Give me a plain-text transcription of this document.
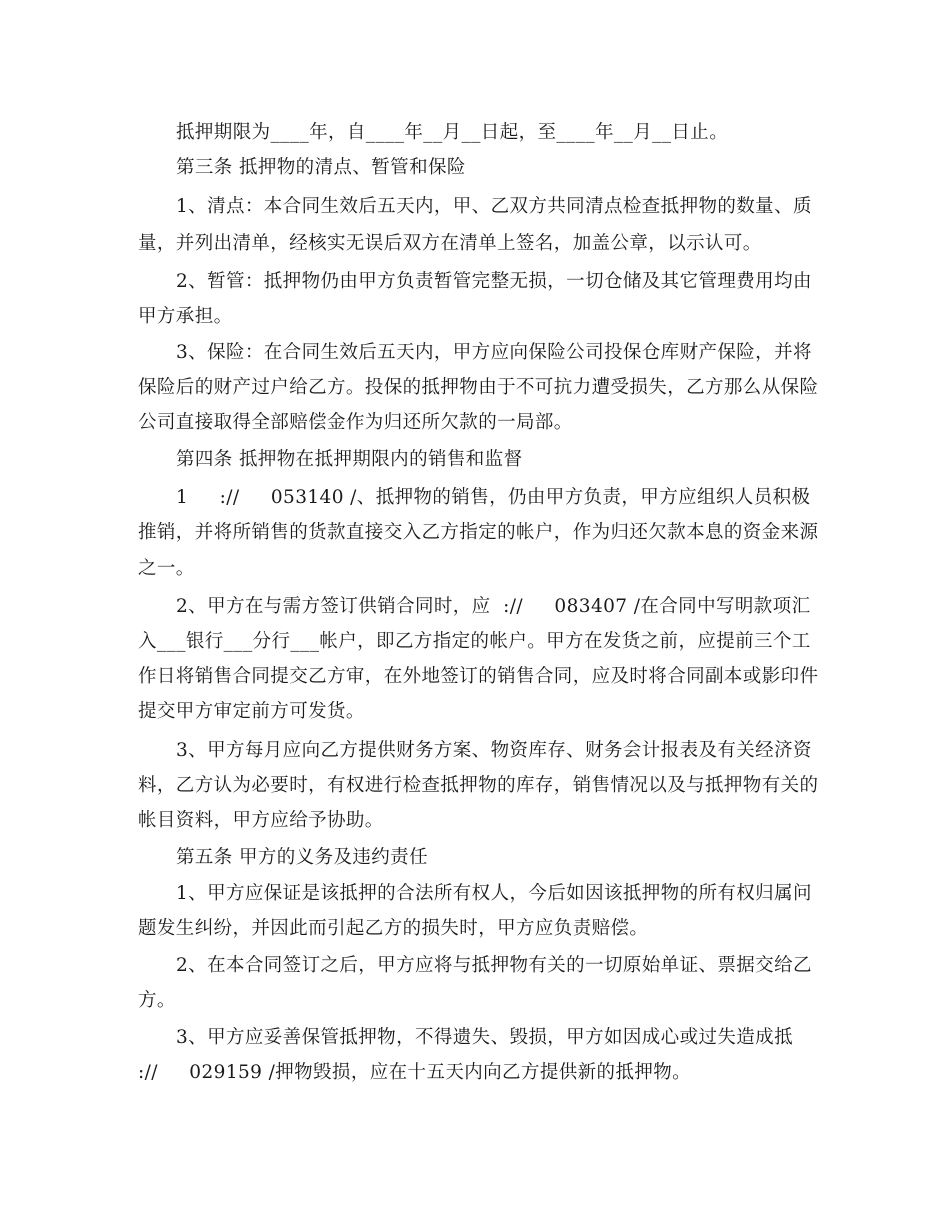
抵押期限为____年，自____年__月__日起，至____年__月__日止。

第三条 抵押物的清点、暂管和保险

1、清点：本合同生效后五天内，甲、乙双方共同清点检查抵押物的数量、质

量，并列出清单，经核实无误后双方在清单上签名，加盖公章，以示认可。

2、暂管：抵押物仍由甲方负责暂管完整无损，一切仓储及其它管理费用均由

甲方承担。

3、保险：在合同生效后五天内，甲方应向保险公司投保仓库财产保险，并将

保险后的财产过户给乙方。投保的抵押物由于不可抗力遭受损失，乙方那么从保险

公司直接取得全部赔偿金作为归还所欠款的一局部。

第四条 抵押物在抵押期限内的销售和监督

1     ://     053140 /、抵押物的销售，仍由甲方负责，甲方应组织人员积极

推销，并将所销售的货款直接交入乙方指定的帐户，作为归还欠款本息的资金来源

之一。

2、甲方在与需方签订供销合同时，应  ://     083407 /在合同中写明款项汇

入___银行___分行___帐户，即乙方指定的帐户。甲方在发货之前，应提前三个工

作日将销售合同提交乙方审，在外地签订的销售合同，应及时将合同副本或影印件

提交甲方审定前方可发货。

3、甲方每月应向乙方提供财务方案、物资库存、财务会计报表及有关经济资

料，乙方认为必要时，有权进行检查抵押物的库存，销售情况以及与抵押物有关的

帐目资料，甲方应给予协助。

第五条 甲方的义务及违约责任

1、甲方应保证是该抵押的合法所有权人，今后如因该抵押物的所有权归属问

题发生纠纷，并因此而引起乙方的损失时，甲方应负责赔偿。

2、在本合同签订之后，甲方应将与抵押物有关的一切原始单证、票据交给乙

方。

3、甲方应妥善保管抵押物，不得遗失、毁损，甲方如因成心或过失造成抵

://     029159 /押物毁损，应在十五天内向乙方提供新的抵押物。
